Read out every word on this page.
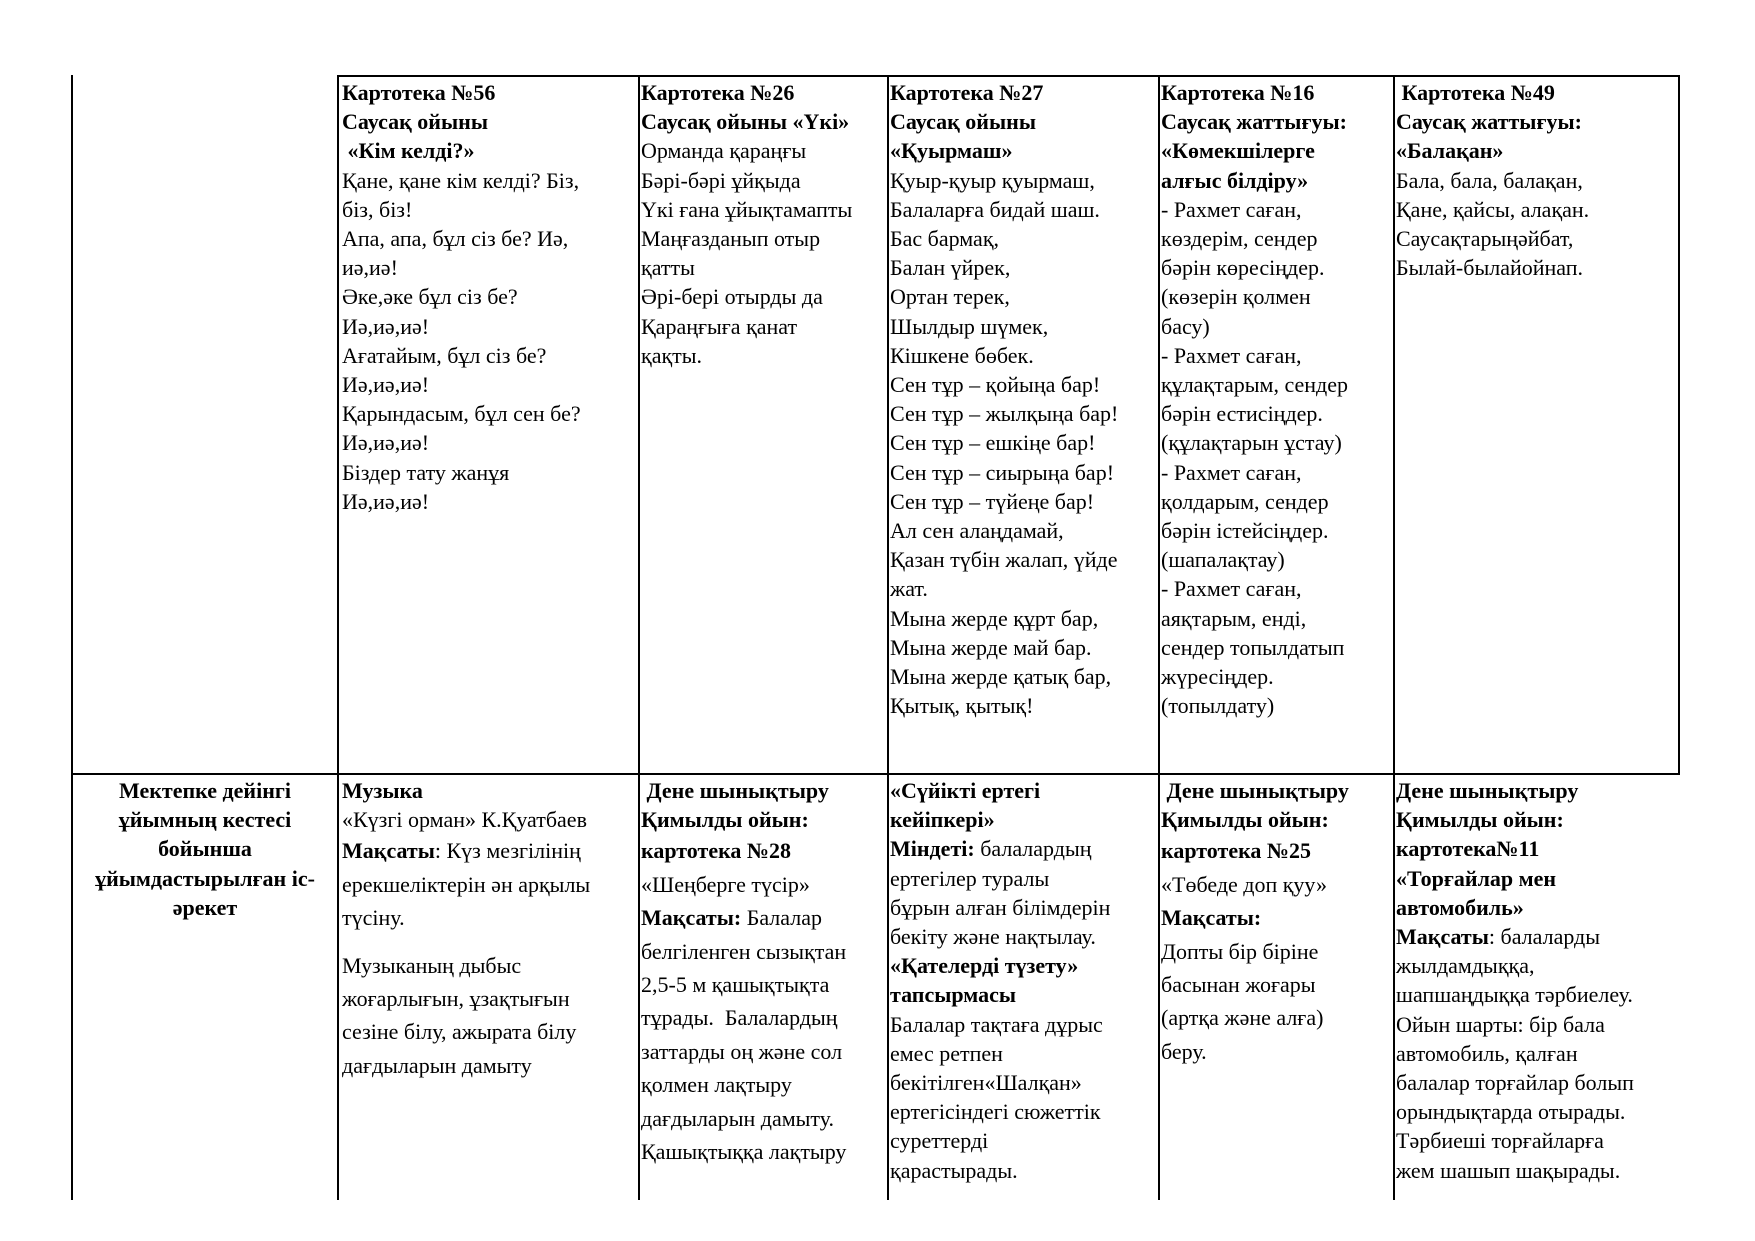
Картотека №56
Саусақ ойыны
«Кім келді?»
Қане, қане кім келді? Біз,
біз, біз!
Апа, апа, бұл сіз бе? Иә,
иә,иә!
Әке,әке бұл сіз бе?
Иә,иә,иә!
Ағатайым, бұл сіз бе?
Иә,иә,иә!
Қарындасым, бұл сен бе?
Иә,иә,иә!
Біздер тату жанұя
Иә,иә,иә!
Картотека №26
Саусақ ойыны «Үкі»
Орманда қараңғы
Бәрі-бәрі ұйқыда
Үкі ғана ұйықтамапты
Маңғазданып отыр
қатты
Әрі-бері отырды да
Қараңғыға қанат
қақты.
Картотека №27
Саусақ ойыны
«Қуырмаш»
Қуыр-қуыр қуырмаш,
Балаларға бидай шаш.
Бас бармақ,
Балан үйрек,
Ортан терек,
Шылдыр шүмек,
Кішкене бөбек.
Сен тұр – қойыңа бар!
Сен тұр – жылқыңа бар!
Сен тұр – ешкіңе бар!
Сен тұр – сиырыңа бар!
Сен тұр – түйеңе бар!
Ал сен алаңдамай,
Қазан түбін жалап, үйде
жат.
Мына жерде құрт бар,
Мына жерде май бар.
Мына жерде қатық бар,
Қытық, қытық!
Картотека №16
Саусақ жаттығуы:
«Көмекшілерге
алғыс білдіру»
- Рахмет саған,
көздерім, сендер
бәрін көресіңдер.
(көзерін қолмен
басу)
- Рахмет саған,
құлақтарым, сендер
бәрін естисіңдер.
(құлақтарын ұстау)
- Рахмет саған,
қолдарым, сендер
бәрін істейсіңдер.
(шапалақтау)
- Рахмет саған,
аяқтарым, енді,
сендер топылдатып
жүресіңдер.
(топылдату)
Картотека №49
Саусақ жаттығуы:
«Балақан»
Бала, бала, балақан,
Қане, қайсы, алақан.
Саусақтарыңәйбат,
Былай-былайойнап.
Мектепке дейінгі
ұйымның кестесі
бойынша
ұйымдастырылған іс-
әрекет
Музыка
«Күзгі орман» К.Қуатбаев
Мақсаты: Күз мезгілінің
ерекшеліктерін ән арқылы
түсіну.
Музыканың дыбыс
жоғарлығын, ұзақтығын
сезіне білу, ажырата білу
дағдыларын дамыту
Дене шынықтыру
Қимылды ойын:
картотека №28
«Шеңберге түсір»
Мақсаты: Балалар
белгіленген сызықтан
2,5-5 м қашықтықта
тұрады.  Балалардың
заттарды оң және сол
қолмен лақтыру
дағдыларын дамыту.
Қашықтыққа лақтыру
«Сүйікті ертегі
кейіпкері»
Міндеті: балалардың
ертегілер туралы
бұрын алған білімдерін
бекіту және нақтылау.
«Қателерді түзету»
тапсырмасы
Балалар тақтаға дұрыс
емес ретпен
бекітілген«Шалқан»
ертегісіндегі сюжеттік
суреттерді
қарастырады.
Дене шынықтыру
Қимылды ойын:
картотека №25
«Төбеде доп қуу»
Мақсаты:
Допты бір біріне
басынан жоғары
(артқа және алға)
беру.
Дене шынықтыру
Қимылды ойын:
картотека№11
«Торғайлар мен
автомобиль»
Мақсаты: балаларды
жылдамдыққа,
шапшаңдыққа тәрбиелеу.
Ойын шарты: бір бала
автомобиль, қалған
балалар торғайлар болып
орындықтарда отырады.
Тәрбиеші торғайларға
жем шашып шақырады.
